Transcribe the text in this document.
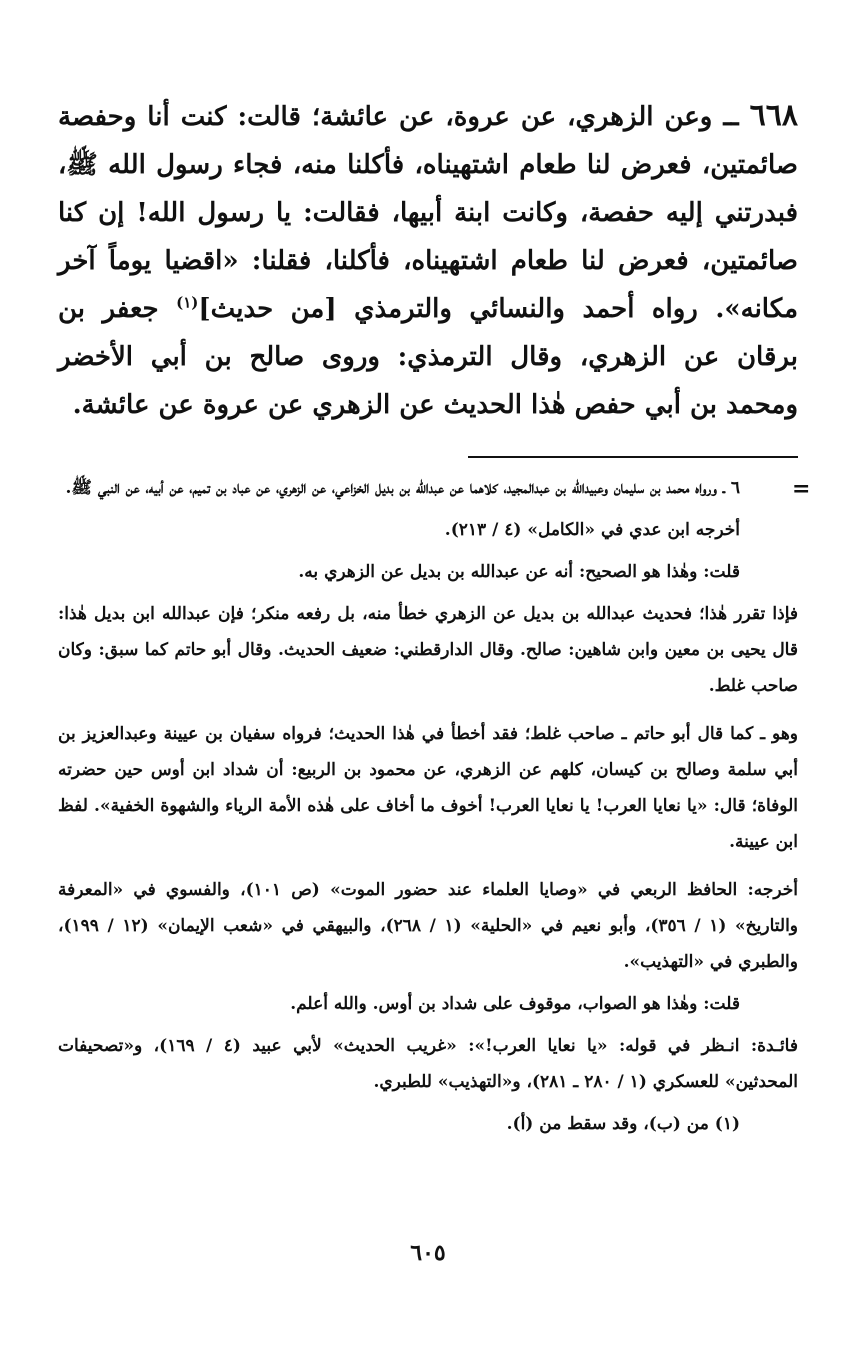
٦٦٨ ــ وعن الزهري، عن عروة، عن عائشة؛ قالت: كنت أنا وحفصة صائمتين، فعرض لنا طعام اشتهيناه، فأكلنا منه، فجاء رسول الله ﷺ، فبدرتني إليه حفصة، وكانت ابنة أبيها، فقالت: يا رسول الله! إن كنا صائمتين، فعرض لنا طعام اشتهيناه، فأكلنا، فقلنا: «اقضيا يوماً آخر مكانه». رواه أحمد والنسائي والترمذي [من حديث]$^{(١)}$ جعفر بن برقان عن الزهري، وقال الترمذي: وروى صالح بن أبي الأخضر ومحمد بن أبي حفص هٰذا الحديث عن الزهري عن عروة عن عائشة.
=

٦ ـ ورواه محمد بن سليمان وعبيدالله بن عبدالمجيد، كلاهما عن عبدالله بن بديل الخزاعي، عن الزهري، عن عباد بن تميم، عن أبيه، عن النبي ﷺ.

أخرجه ابن عدي في «الكامل» (٤ / ٢١٣).

قلت: وهٰذا هو الصحيح: أنه عن عبدالله بن بديل عن الزهري به.

فإذا تقرر هٰذا؛ فحديث عبدالله بن بديل عن الزهري خطأ منه، بل رفعه منكر؛ فإن عبدالله ابن بديل هٰذا: قال يحيى بن معين وابن شاهين: صالح. وقال الدارقطني: ضعيف الحديث. وقال أبو حاتم كما سبق: وكان صاحب غلط.

وهو ـ كما قال أبو حاتم ـ صاحب غلط؛ فقد أخطأ في هٰذا الحديث؛ فرواه سفيان بن عيينة وعبدالعزيز بن أبي سلمة وصالح بن كيسان، كلهم عن الزهري، عن محمود بن الربيع: أن شداد ابن أوس حين حضرته الوفاة؛ قال: «يا نعايا العرب! يا نعايا العرب! أخوف ما أخاف على هٰذه الأمة الرياء والشهوة الخفية». لفظ ابن عيينة.

أخرجه: الحافظ الربعي في «وصايا العلماء عند حضور الموت» (ص ١٠١)، والفسوي في «المعرفة والتاريخ» (١ / ٣٥٦)، وأبو نعيم في «الحلية» (١ / ٢٦٨)، والبيهقي في «شعب الإيمان» (١٢ / ١٩٩)، والطبري في «التهذيب».

قلت: وهٰذا هو الصواب، موقوف على شداد بن أوس. والله أعلم.

فائـدة: انـظر في قوله: «يا نعايا العرب!»: «غريب الحديث» لأبي عبيد (٤ / ١٦٩)، و«تصحيفات المحدثين» للعسكري (١ / ٢٨٠ ـ ٢٨١)، و«التهذيب» للطبري.

(١) من (ب)، وقد سقط من (أ).

٦٠٥
